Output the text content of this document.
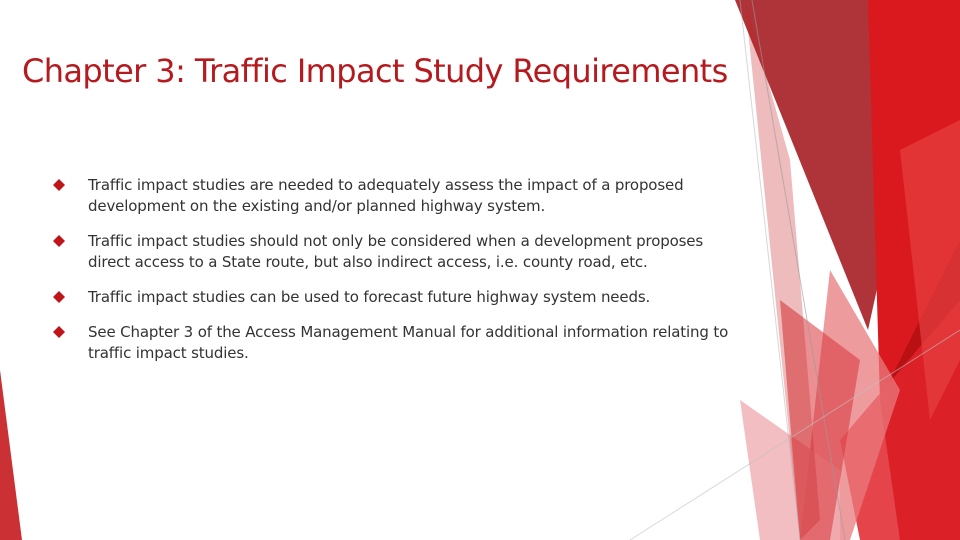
Chapter 3: Traffic Impact Study Requirements
Traffic impact studies are needed to adequately assess the impact of a proposed development on the existing and/or planned highway system.
Traffic impact studies should not only be considered when a development proposes direct access to a State route, but also indirect access, i.e. county road, etc.
Traffic impact studies can be used to forecast future highway system needs.
See Chapter 3 of the Access Management Manual for additional information relating to traffic impact studies.
